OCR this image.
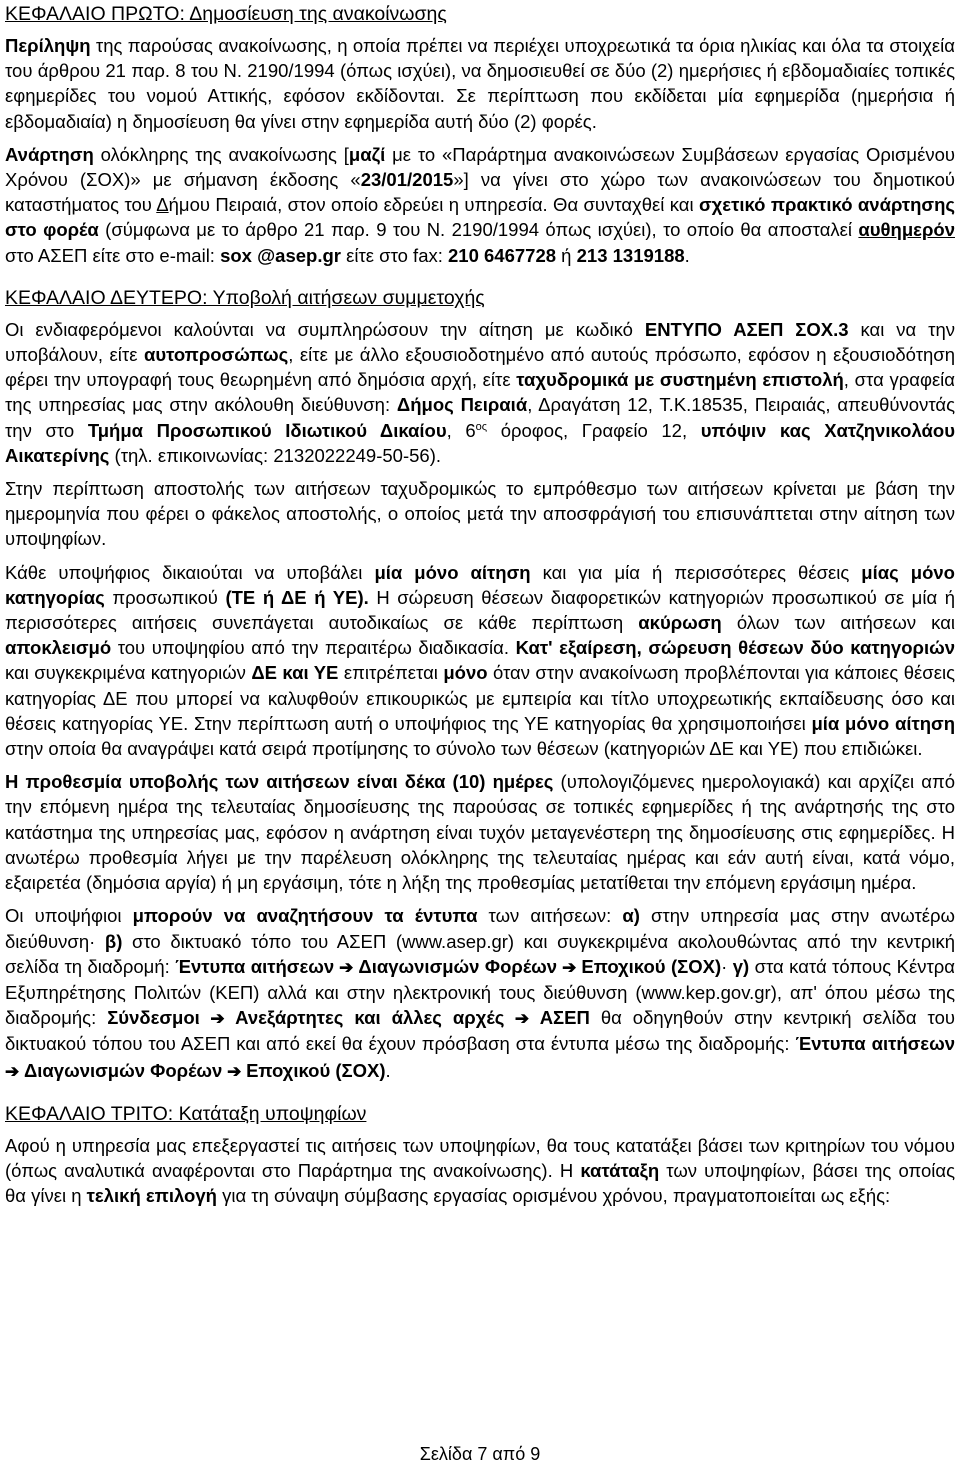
ΚΕΦΑΛΑΙΟ ΠΡΩΤΟ: Δημοσίευση της ανακοίνωσης

Περίληψη της παρούσας ανακοίνωσης, η οποία πρέπει να περιέχει υποχρεωτικά τα όρια ηλικίας και όλα τα στοιχεία του άρθρου 21 παρ. 8 του Ν. 2190/1994 (όπως ισχύει), να δημοσιευθεί σε δύο (2) ημερήσιες ή εβδομαδιαίες τοπικές εφημερίδες του νομού Αττικής, εφόσον εκδίδονται. Σε περίπτωση που εκδίδεται μία εφημερίδα (ημερήσια ή εβδομαδιαία) η δημοσίευση θα γίνει στην εφημερίδα αυτή δύο (2) φορές.

Ανάρτηση ολόκληρης της ανακοίνωσης [μαζί με το «Παράρτημα ανακοινώσεων Συμβάσεων εργασίας Ορισμένου Χρόνου (ΣΟΧ)» με σήμανση έκδοσης «23/01/2015»] να γίνει στο χώρο των ανακοινώσεων του δημοτικού καταστήματος του Δήμου Πειραιά, στον οποίο εδρεύει η υπηρεσία. Θα συνταχθεί και σχετικό πρακτικό ανάρτησης στο φορέα (σύμφωνα με το άρθρο 21 παρ. 9 του Ν. 2190/1994 όπως ισχύει), το οποίο θα αποσταλεί αυθημερόν στο ΑΣΕΠ είτε στο e-mail: sox @asep.gr είτε στο fax: 210 6467728 ή 213 1319188.

ΚΕΦΑΛΑΙΟ ΔΕΥΤΕΡΟ: Υποβολή αιτήσεων συμμετοχής

Οι ενδιαφερόμενοι καλούνται να συμπληρώσουν την αίτηση με κωδικό ΕΝΤΥΠΟ ΑΣΕΠ ΣΟΧ.3 και να την υποβάλουν, είτε αυτοπροσώπως, είτε με άλλο εξουσιοδοτημένο από αυτούς πρόσωπο, εφόσον η εξουσιοδότηση φέρει την υπογραφή τους θεωρημένη από δημόσια αρχή, είτε ταχυδρομικά με συστημένη επιστολή, στα γραφεία της υπηρεσίας μας στην ακόλουθη διεύθυνση: Δήμος Πειραιά, Δραγάτση 12, Τ.Κ.18535, Πειραιάς, απευθύνοντάς την στο Τμήμα Προσωπικού Ιδιωτικού Δικαίου, $6^{o\varsigma}$ όροφος, Γραφείο 12, υπόψιν κας Χατζηνικολάου Αικατερίνης (τηλ. επικοινωνίας: 2132022249-50-56).

Στην περίπτωση αποστολής των αιτήσεων ταχυδρομικώς το εμπρόθεσμο των αιτήσεων κρίνεται με βάση την ημερομηνία που φέρει ο φάκελος αποστολής, ο οποίος μετά την αποσφράγισή του επισυνάπτεται στην αίτηση των υποψηφίων.

Κάθε υποψήφιος δικαιούται να υποβάλει μία μόνο αίτηση και για μία ή περισσότερες θέσεις μίας μόνο κατηγορίας προσωπικού (ΤΕ ή ΔΕ ή ΥΕ). Η σώρευση θέσεων διαφορετικών κατηγοριών προσωπικού σε μία ή περισσότερες αιτήσεις συνεπάγεται αυτοδικαίως σε κάθε περίπτωση ακύρωση όλων των αιτήσεων και αποκλεισμό του υποψηφίου από την περαιτέρω διαδικασία. Κατ' εξαίρεση, σώρευση θέσεων δύο κατηγοριών και συγκεκριμένα κατηγοριών ΔΕ και ΥΕ επιτρέπεται μόνο όταν στην ανακοίνωση προβλέπονται για κάποιες θέσεις κατηγορίας ΔΕ που μπορεί να καλυφθούν επικουρικώς με εμπειρία και τίτλο υποχρεωτικής εκπαίδευσης όσο και θέσεις κατηγορίας ΥΕ. Στην περίπτωση αυτή ο υποψήφιος της ΥΕ κατηγορίας θα χρησιμοποιήσει μία μόνο αίτηση στην οποία θα αναγράψει κατά σειρά προτίμησης το σύνολο των θέσεων (κατηγοριών ΔΕ και ΥΕ) που επιδιώκει.

Η προθεσμία υποβολής των αιτήσεων είναι δέκα (10) ημέρες (υπολογιζόμενες ημερολογιακά) και αρχίζει από την επόμενη ημέρα της τελευταίας δημοσίευσης της παρούσας σε τοπικές εφημερίδες ή της ανάρτησής της στο κατάστημα της υπηρεσίας μας, εφόσον η ανάρτηση είναι τυχόν μεταγενέστερη της δημοσίευσης στις εφημερίδες. Η ανωτέρω προθεσμία λήγει με την παρέλευση ολόκληρης της τελευταίας ημέρας και εάν αυτή είναι, κατά νόμο, εξαιρετέα (δημόσια αργία) ή μη εργάσιμη, τότε η λήξη της προθεσμίας μετατίθεται την επόμενη εργάσιμη ημέρα.

Οι υποψήφιοι μπορούν να αναζητήσουν τα έντυπα των αιτήσεων: α) στην υπηρεσία μας στην ανωτέρω διεύθυνση· β) στο δικτυακό τόπο του ΑΣΕΠ (www.asep.gr) και συγκεκριμένα ακολουθώντας από την κεντρική σελίδα τη διαδρομή: Έντυπα αιτήσεων ➔ Διαγωνισμών Φορέων ➔ Εποχικού (ΣΟΧ)· γ) στα κατά τόπους Κέντρα Εξυπηρέτησης Πολιτών (ΚΕΠ) αλλά και στην ηλεκτρονική τους διεύθυνση (www.kep.gov.gr), απ' όπου μέσω της διαδρομής: Σύνδεσμοι ➔ Ανεξάρτητες και άλλες αρχές ➔ ΑΣΕΠ θα οδηγηθούν στην κεντρική σελίδα του δικτυακού τόπου του ΑΣΕΠ και από εκεί θα έχουν πρόσβαση στα έντυπα μέσω της διαδρομής: Έντυπα αιτήσεων ➔ Διαγωνισμών Φορέων ➔ Εποχικού (ΣΟΧ).

ΚΕΦΑΛΑΙΟ ΤΡΙΤΟ: Κατάταξη υποψηφίων

Αφού η υπηρεσία μας επεξεργαστεί τις αιτήσεις των υποψηφίων, θα τους κατατάξει βάσει των κριτηρίων του νόμου (όπως αναλυτικά αναφέρονται στο Παράρτημα της ανακοίνωσης). Η κατάταξη των υποψηφίων, βάσει της οποίας θα γίνει η τελική επιλογή για τη σύναψη σύμβασης εργασίας ορισμένου χρόνου, πραγματοποιείται ως εξής:

Σελίδα 7 από 9
